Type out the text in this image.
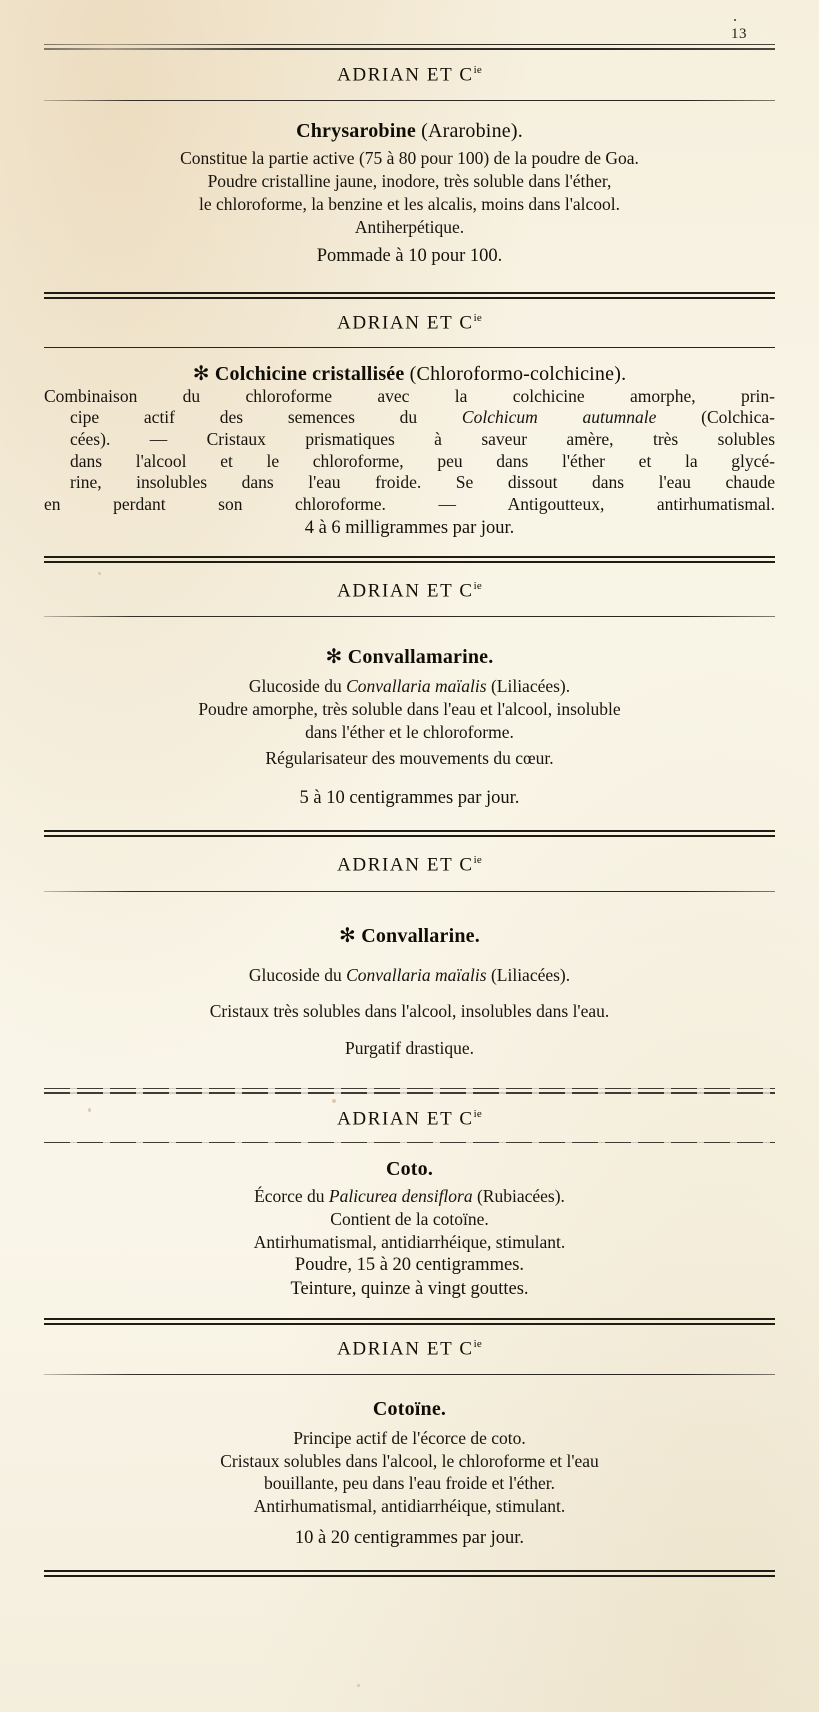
13
ADRIAN ET $C^{ie}$
Chrysarobine (Ararobine).
Constitue la partie active (75 à 80 pour 100) de la poudre de Goa.
Poudre cristalline jaune, inodore, très soluble dans l'éther,
le chloroforme, la benzine et les alcalis, moins dans l'alcool.
Antiherpétique.
Pommade à 10 pour 100.
ADRIAN ET $C^{ie}$
✻ Colchicine cristallisée (Chloroformo-colchicine).
Combinaison du chloroforme avec la colchicine amorphe, prin-
cipe actif des semences du Colchicum autumnale (Colchica-
cées). — Cristaux prismatiques à saveur amère, très solubles
dans l'alcool et le chloroforme, peu dans l'éther et la glycé-
rine, insolubles dans l'eau froide. Se dissout dans l'eau chaude
en perdant son chloroforme. — Antigoutteux, antirhumatismal.
4 à 6 milligrammes par jour.
ADRIAN ET $C^{ie}$
✻ Convallamarine.
Glucoside du Convallaria maïalis (Liliacées).
Poudre amorphe, très soluble dans l'eau et l'alcool, insoluble
dans l'éther et le chloroforme.
Régularisateur des mouvements du cœur.
5 à 10 centigrammes par jour.
ADRIAN ET $C^{ie}$
✻ Convallarine.
Glucoside du Convallaria maïalis (Liliacées).
Cristaux très solubles dans l'alcool, insolubles dans l'eau.
Purgatif drastique.
ADRIAN ET $C^{ie}$
Coto.
Écorce du Palicurea densiflora (Rubiacées).
Contient de la cotoïne.
Antirhumatismal, antidiarrhéique, stimulant.
Poudre, 15 à 20 centigrammes.
Teinture, quinze à vingt gouttes.
ADRIAN ET $C^{ie}$
Cotoïne.
Principe actif de l'écorce de coto.
Cristaux solubles dans l'alcool, le chloroforme et l'eau
bouillante, peu dans l'eau froide et l'éther.
Antirhumatismal, antidiarrhéique, stimulant.
10 à 20 centigrammes par jour.
